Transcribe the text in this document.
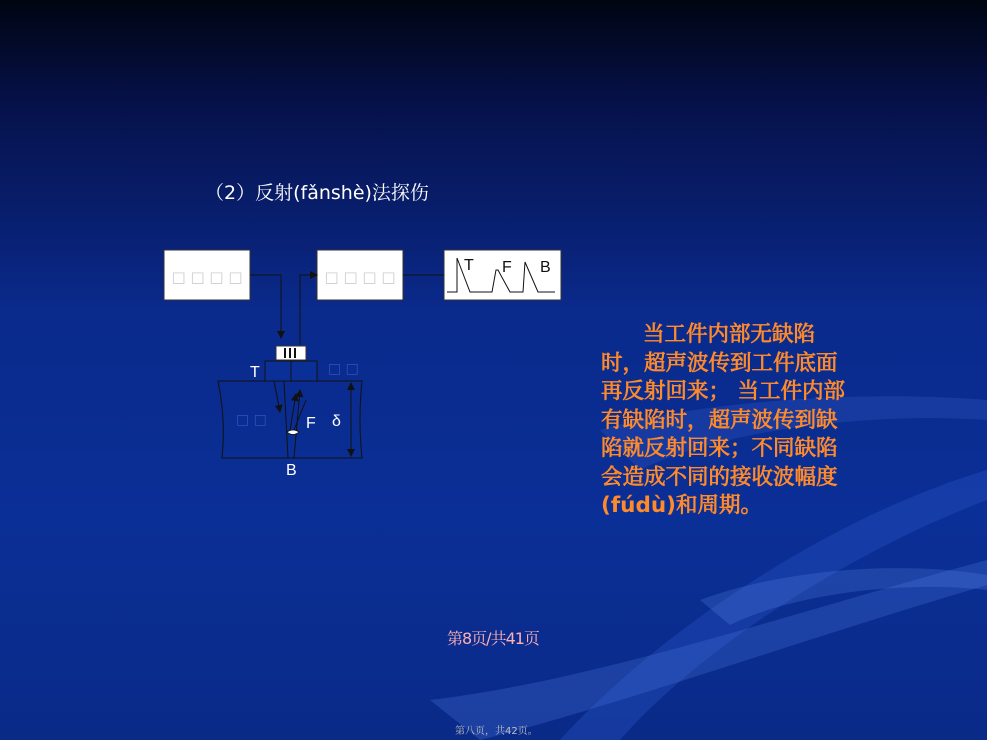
（2）反射(fǎnshè)法探伤
□ □ □ □	□ □ □ □
T F B
T	□ □
□ □ F
B
δ

当工件内部无缺陷时，超声波传到工件底面再反射回来； 当工件内部有缺陷时，超声波传到缺陷就反射回来；不同缺陷会造成不同的接收波幅度(fúdù)和周期。

第8页/共41页
第八页，共42页。
